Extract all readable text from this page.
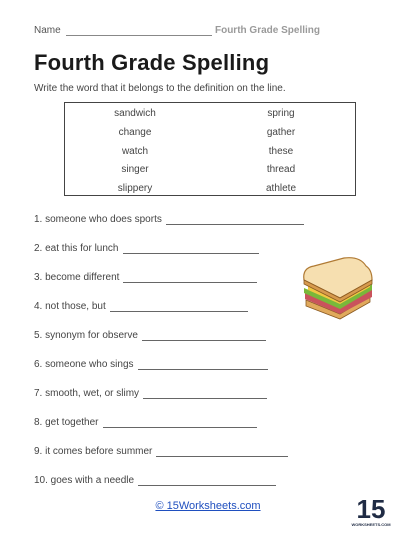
Name	Fourth Grade Spelling
Fourth Grade Spelling
Write the word that it belongs to the definition on the line.
sandwich
change
watch
singer
slippery
spring
gather
these
thread
athlete
1. someone who does sports
2. eat this for lunch
3. become different
4. not those, but
5. synonym for observe
6. someone who sings
7. smooth, wet, or slimy
8. get together
9. it comes before summer
10. goes with a needle
© 15Worksheets.com	15
WORKSHEETS.COM
